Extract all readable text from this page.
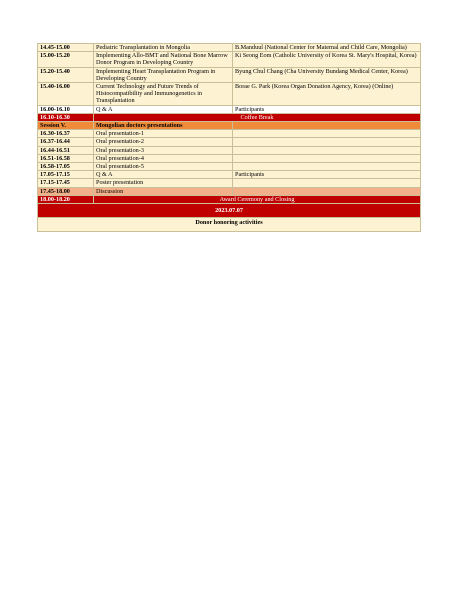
14.45-15.00	Pediatric Transplantation in Mongolia	B.Manduul (National Center for Maternal and Child Care, Mongolia)
15.00-15.20	Implementing Allo-BMT and National Bone Marrow Donor Program in Developing Country	Ki Seong Eom (Catholic University of Korea St. Mary's Hospital, Korea)
15.20-15.40	Implementing Heart Transplantation Program in Developing Country	Byung Chul Chang (Cha University Bundang Medical Center, Korea)
15.40-16.00	Current Technology and Future Trends of Histocompatibility and Immunogenetics in Transplantation	Borae G. Park (Korea Organ Donation Agency, Korea) (Online)
16.00-16.10	Q & A	Participants
16.10-16.30	Coffee Break	
Session V.	Mongolian doctors presentations	
16.30-16.37	Oral presentation-1	
16.37-16.44	Oral presentation-2	
16.44-16.51	Oral presentation-3	
16.51-16.58	Oral presentation-4	
16.58-17.05	Oral presentation-5	
17.05-17.15	Q & A	Participants
17.15-17.45	Poster presentation	
17.45-18.00	Discussion	
18.00-18.20	Award Ceremony and Closing	
2023.07.07		
Donor honoring activities		
